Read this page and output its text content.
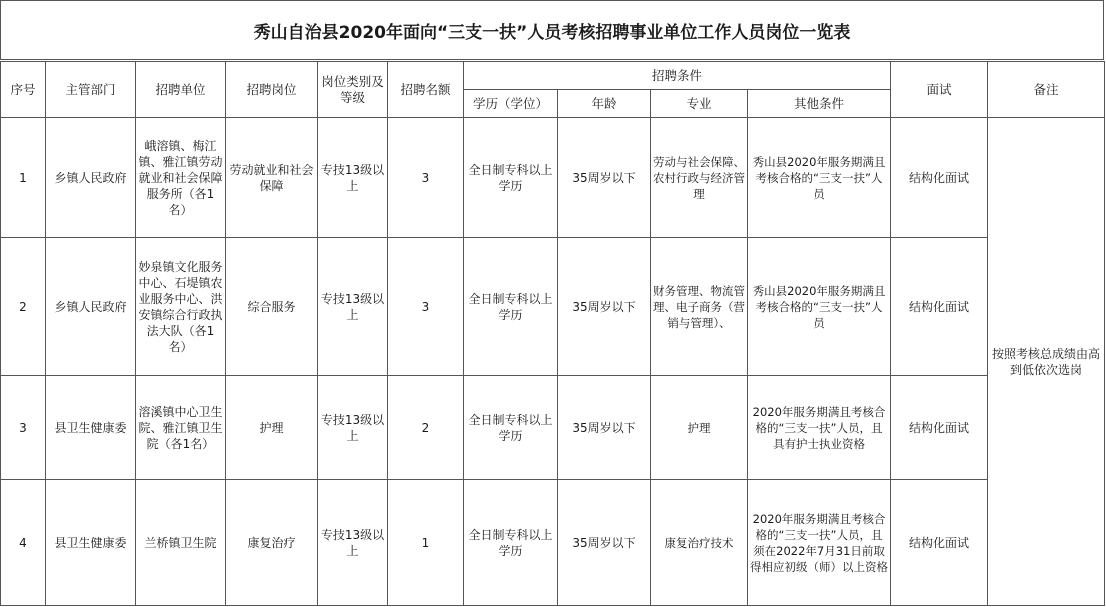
秀山自治县2020年面向“三支一扶”人员考核招聘事业单位工作人员岗位一览表
序号	主管部门	招聘单位	招聘岗位	岗位类别及等级	招聘名额	招聘条件				面试	备注
						学历（学位）	年龄	专业	其他条件		
1	乡镇人民政府	峨溶镇、梅江镇、雅江镇劳动就业和社会保障服务所（各1名）	劳动就业和社会保障	专技13级以上	3	全日制专科以上学历	35周岁以下	劳动与社会保障、农村行政与经济管理	秀山县2020年服务期满且考核合格的“三支一扶”人员	结构化面试	按照考核总成绩由高到低依次选岗
2	乡镇人民政府	妙泉镇文化服务中心、石堤镇农业服务中心、洪安镇综合行政执法大队（各1名）	综合服务	专技13级以上	3	全日制专科以上学历	35周岁以下	财务管理、物流管理、电子商务（营销与管理）、	秀山县2020年服务期满且考核合格的“三支一扶”人员	结构化面试	
3	县卫生健康委	溶溪镇中心卫生院、雅江镇卫生院（各1名）	护理	专技13级以上	2	全日制专科以上学历	35周岁以下	护理	2020年服务期满且考核合格的“三支一扶”人员，且具有护士执业资格	结构化面试	
4	县卫生健康委	兰桥镇卫生院	康复治疗	专技13级以上	1	全日制专科以上学历	35周岁以下	康复治疗技术	2020年服务期满且考核合格的“三支一扶”人员，且须在2022年7月31日前取得相应初级（师）以上资格	结构化面试	
